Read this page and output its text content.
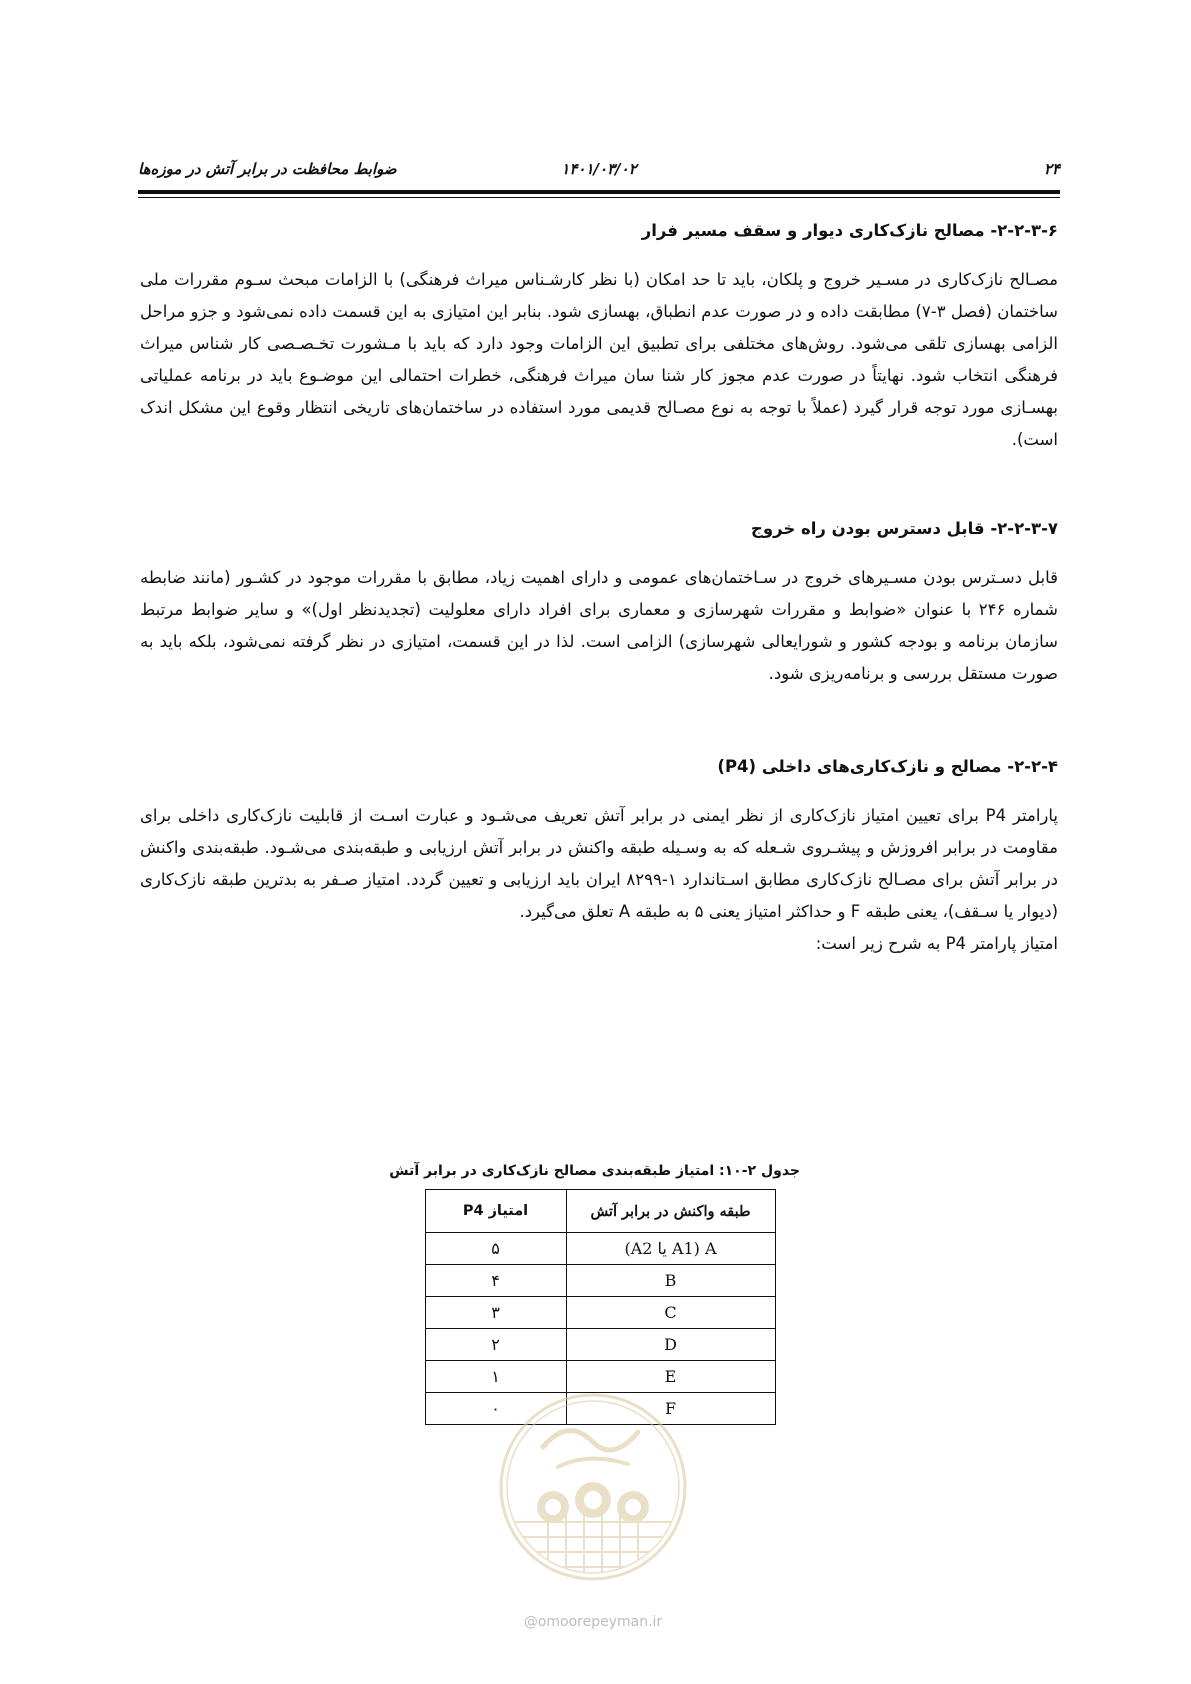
۲۴
۱۴۰۱/۰۳/۰۲
ضوابط محافظت در برابر آتش در موزه‌ها
۲-۲-۳-۶- مصالح نازک‌کاری دیوار و سقف مسیر فرار

مصـالح نازک‌کاری در مسـیر خروج و پلکان، باید تا حد امکان (با نظر کارشـناس میراث فرهنگی) با الزامات مبحث سـوم مقررات ملی ساختمان (فصل ۳-۷) مطابقت داده و در صورت عدم انطباق، بهسازی شود. بنابر این امتیازی به این قسمت داده نمی‌شود و جزو مراحل الزامی بهسازی تلقی می‌شود. روش‌های مختلفی برای تطبیق این الزامات وجود دارد که باید با مـشورت تخـصـصی کار شناس میراث فرهنگی انتخاب شود. نهایتاً در صورت عدم مجوز کار شنا سان میراث فرهنگی، خطرات احتمالی این موضـوع باید در برنامه عملیاتی بهسـازی مورد توجه قرار گیرد (عملاً با توجه به نوع مصـالح قدیمی مورد استفاده در ساختمان‌های تاریخی انتظار وقوع این مشکل اندک است).

۲-۲-۳-۷- قابل دسترس بودن راه خروج

قابل دسـترس بودن مسـیرهای خروج در سـاختمان‌های عمومی و دارای اهمیت زیاد، مطابق با مقررات موجود در کشـور (مانند ضابطه شماره ۲۴۶ با عنوان «ضوابط و مقررات شهرسازی و معماری برای افراد دارای معلولیت (تجدیدنظر اول)» و سایر ضوابط مرتبط سازمان برنامه و بودجه کشور و شورایعالی شهرسازی) الزامی است. لذا در این قسمت، امتیازی در نظر گرفته نمی‌شود، بلکه باید به صورت مستقل بررسی و برنامه‌ریزی شود.

۲-۲-۴- مصالح و نازک‌کاری‌های داخلی (P4)

پارامتر P4 برای تعیین امتیاز نازک‌کاری از نظر ایمنی در برابر آتش تعریف می‌شـود و عبارت اسـت از قابلیت نازک‌کاری داخلی برای مقاومت در برابر افروزش و پیشـروی شـعله که به وسـیله طبقه واکنش در برابر آتش ارزیابی و طبقه‌بندی می‌شـود. طبقه‌بندی واکنش در برابر آتش برای مصـالح نازک‌کاری مطابق اسـتاندارد ۱-۸۲۹۹ ایران باید ارزیابی و تعیین گردد. امتیاز صـفر به بدترین طبقه نازک‌کاری (دیوار یا سـقف)، یعنی طبقه F و حداکثر امتیاز یعنی ۵ به طبقه A تعلق می‌گیرد.

امتیاز پارامتر P4 به شرح زیر است:

جدول ۲-۱۰: امتیاز طبقه‌بندی مصالح نازک‌کاری در برابر آتش
طبقه واکنش در برابر آتش	امتیاز P4
A (A1 یا A2)	۵
B	۴
C	۳
D	۲
E	۱
F	۰
@omoorepeyman.ir
